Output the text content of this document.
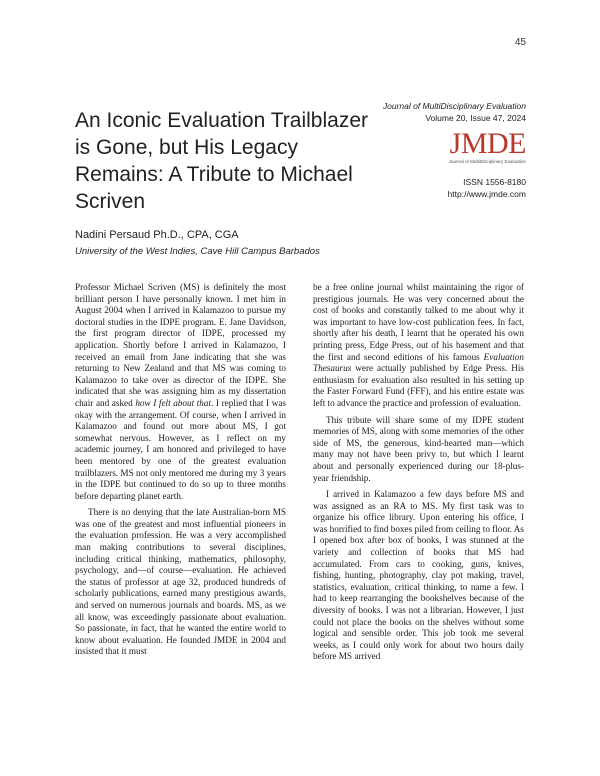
45
An Iconic Evaluation Trailblazer is Gone, but His Legacy Remains: A Tribute to Michael Scriven
Journal of MultiDisciplinary Evaluation
Volume 20, Issue 47, 2024
JMDE
Journal of MultiDisciplinary Evaluation
ISSN 1556-8180
http://www.jmde.com
Nadini Persaud Ph.D., CPA, CGA
University of the West Indies, Cave Hill Campus Barbados

Professor Michael Scriven (MS) is definitely the most brilliant person I have personally known. I met him in August 2004 when I arrived in Kalamazoo to pursue my doctoral studies in the IDPE program. E. Jane Davidson, the first program director of IDPE, processed my application. Shortly before I arrived in Kalamazoo, I received an email from Jane indicating that she was returning to New Zealand and that MS was coming to Kalamazoo to take over as director of the IDPE. She indicated that she was assigning him as my dissertation chair and asked how I felt about that. I replied that I was okay with the arrangement. Of course, when I arrived in Kalamazoo and found out more about MS, I got somewhat nervous. However, as I reflect on my academic journey, I am honored and privileged to have been mentored by one of the greatest evaluation trailblazers. MS not only mentored me during my 3 years in the IDPE but continued to do so up to three months before departing planet earth.

There is no denying that the late Australian-born MS was one of the greatest and most influential pioneers in the evaluation profession. He was a very accomplished man making contributions to several disciplines, including critical thinking, mathematics, philosophy, psychology, and—of course—evaluation. He achieved the status of professor at age 32, produced hundreds of scholarly publications, earned many prestigious awards, and served on numerous journals and boards. MS, as we all know, was exceedingly passionate about evaluation. So passionate, in fact, that he wanted the entire world to know about evaluation. He founded JMDE in 2004 and insisted that it must

be a free online journal whilst maintaining the rigor of prestigious journals. He was very concerned about the cost of books and constantly talked to me about why it was important to have low-cost publication fees. In fact, shortly after his death, I learnt that he operated his own printing press, Edge Press, out of his basement and that the first and second editions of his famous Evaluation Thesaurus were actually published by Edge Press. His enthusiasm for evaluation also resulted in his setting up the Faster Forward Fund (FFF), and his entire estate was left to advance the practice and profession of evaluation.

This tribute will share some of my IDPE student memories of MS, along with some memories of the other side of MS, the generous, kind-hearted man—which many may not have been privy to, but which I learnt about and personally experienced during our 18-plus-year friendship.

I arrived in Kalamazoo a few days before MS and was assigned as an RA to MS. My first task was to organize his office library. Upon entering his office, I was horrified to find boxes piled from ceiling to floor. As I opened box after box of books, I was stunned at the variety and collection of books that MS had accumulated. From cars to cooking, guns, knives, fishing, hunting, photography, clay pot making, travel, statistics, evaluation, critical thinking, to name a few. I had to keep rearranging the bookshelves because of the diversity of books. I was not a librarian. However, I just could not place the books on the shelves without some logical and sensible order. This job took me several weeks, as I could only work for about two hours daily before MS arrived
